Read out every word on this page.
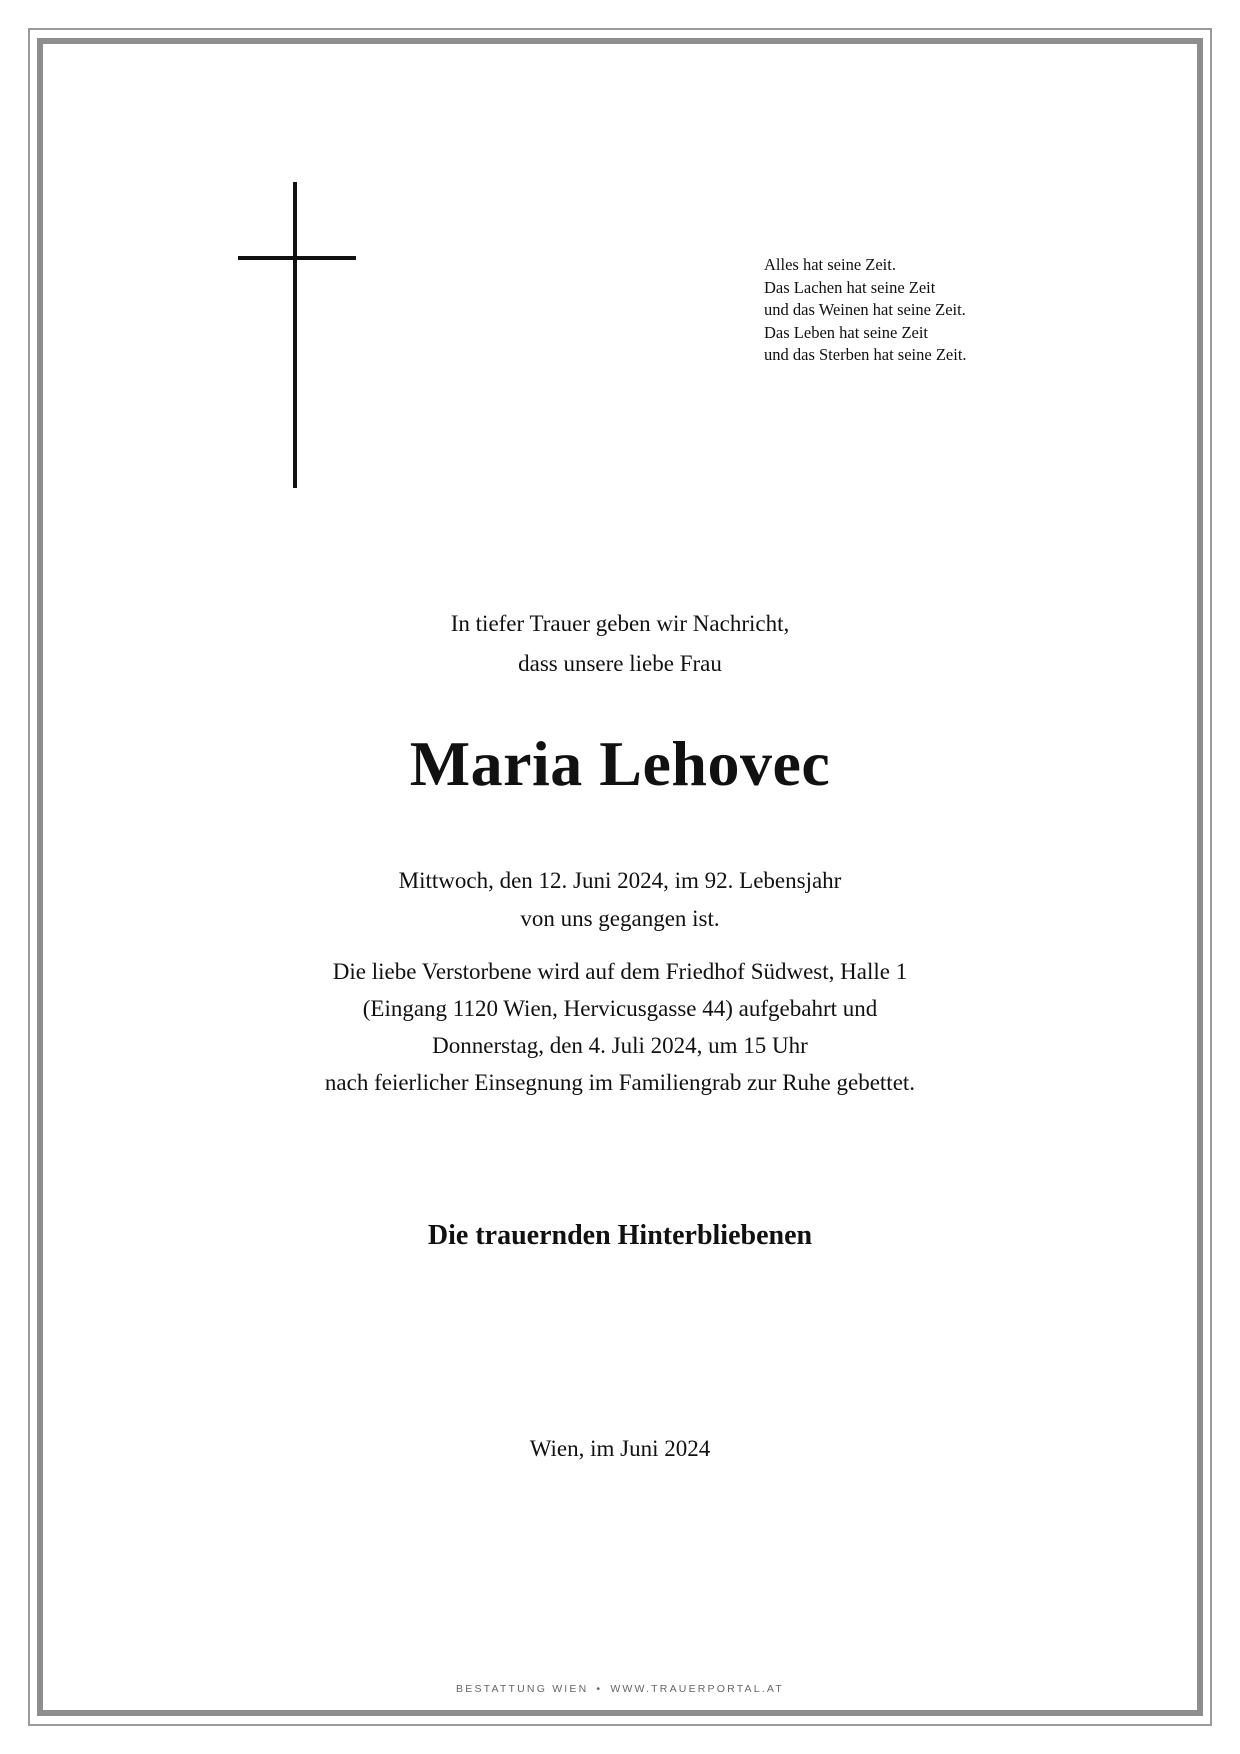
Alles hat seine Zeit.
Das Lachen hat seine Zeit
und das Weinen hat seine Zeit.
Das Leben hat seine Zeit
und das Sterben hat seine Zeit.
In tiefer Trauer geben wir Nachricht,
dass unsere liebe Frau
Maria Lehovec
Mittwoch, den 12. Juni 2024, im 92. Lebensjahr
von uns gegangen ist.
Die liebe Verstorbene wird auf dem Friedhof Südwest, Halle 1
(Eingang 1120 Wien, Hervicusgasse 44) aufgebahrt und
Donnerstag, den 4. Juli 2024, um 15 Uhr
nach feierlicher Einsegnung im Familiengrab zur Ruhe gebettet.
Die trauernden Hinterbliebenen
Wien, im Juni 2024
BESTATTUNG WIEN • WWW.TRAUERPORTAL.AT
